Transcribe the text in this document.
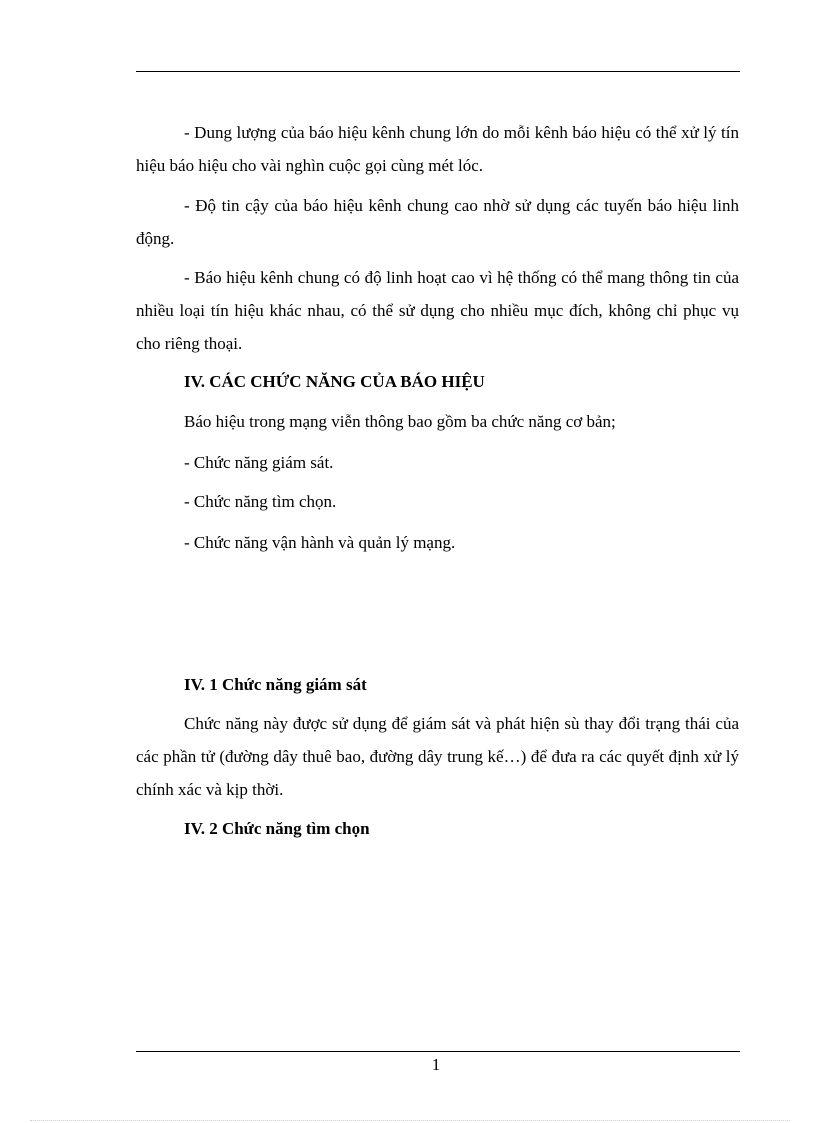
- Dung lượng của báo hiệu kênh chung lớn do mỗi kênh báo hiệu có thể xử lý tín hiệu báo hiệu cho vài nghìn cuộc gọi cùng mét lóc.

- Độ tin cậy của báo hiệu kênh chung cao nhờ sử dụng các tuyến báo hiệu linh động.

- Báo hiệu kênh chung có độ linh hoạt cao vì hệ thống có thể mang thông tin của nhiều loại tín hiệu khác nhau, có thể sử dụng cho nhiều mục đích, không chỉ phục vụ cho riêng thoại.

IV. CÁC CHỨC NĂNG CỦA BÁO HIỆU

Báo hiệu trong mạng viễn thông bao gồm ba chức năng cơ bản;

- Chức năng giám sát.

- Chức năng tìm chọn.

- Chức năng vận hành và quản lý mạng.

IV. 1 Chức năng giám sát

Chức năng này được sử dụng để giám sát và phát hiện sù thay đổi trạng thái của các phần tử (đường dây thuê bao, đường dây trung kế…) để đưa ra các quyết định xử lý chính xác và kịp thời.

IV. 2 Chức năng tìm chọn

1
